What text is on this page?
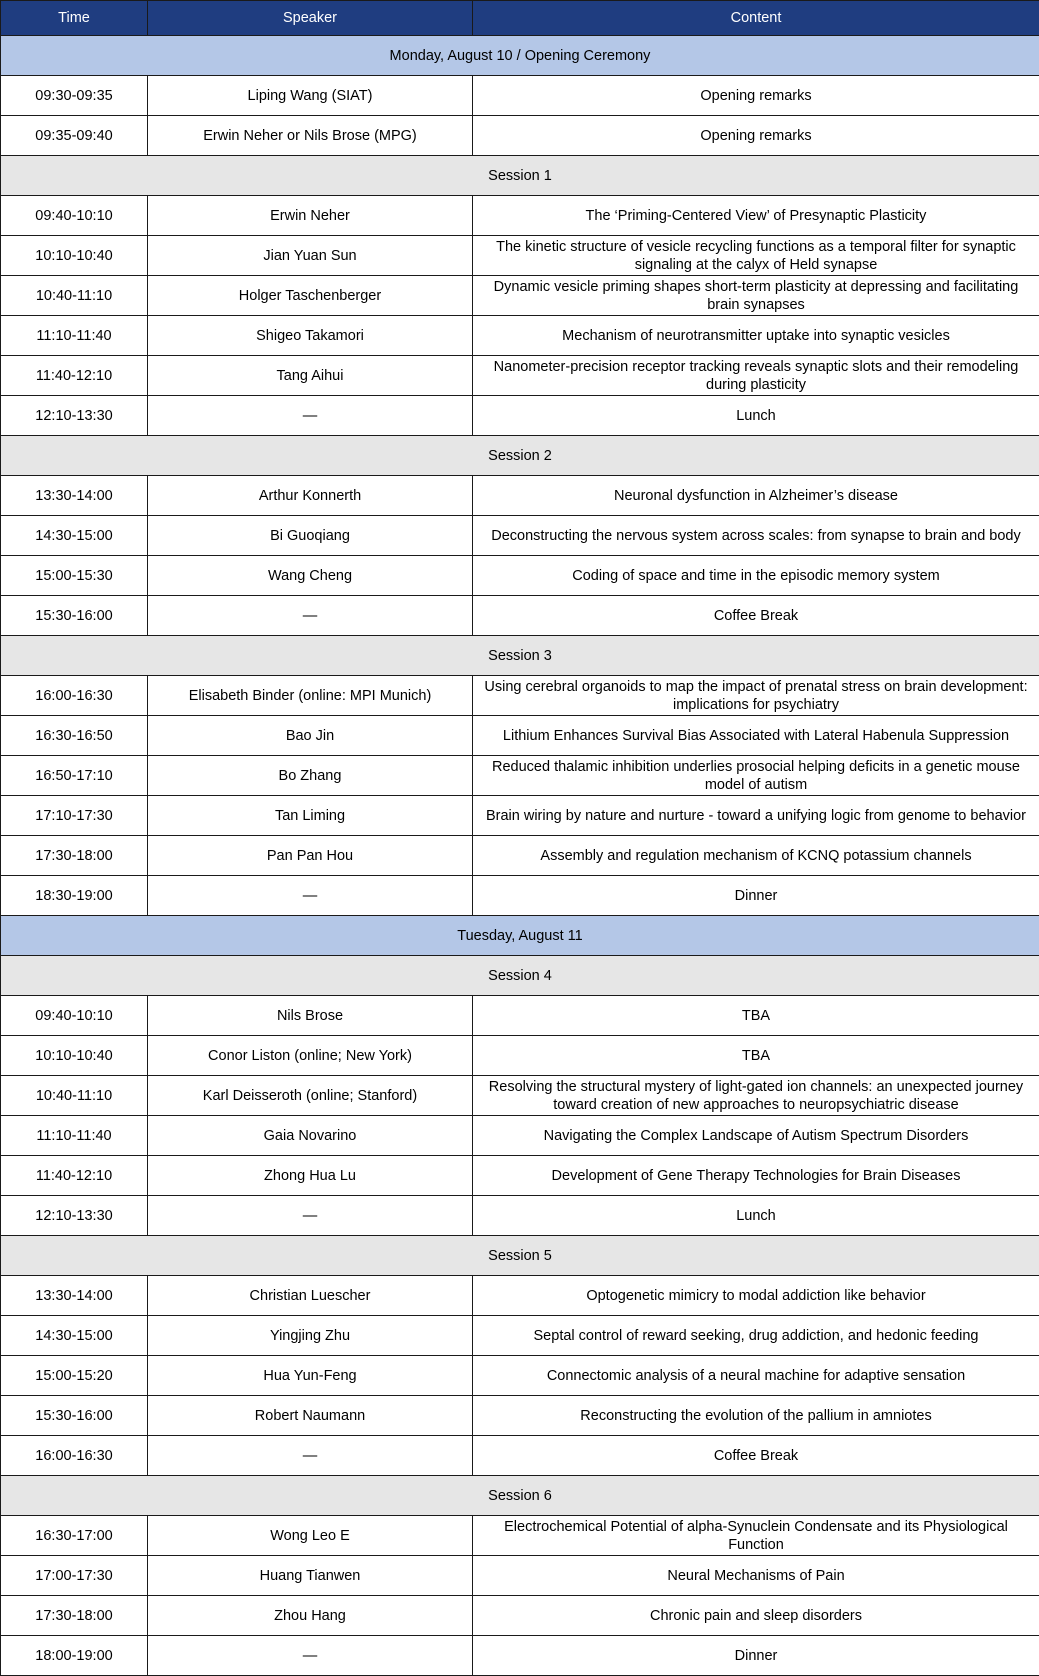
Time	Speaker	Content
Monday, August 10 / Opening Ceremony		
09:30-09:35	Liping Wang (SIAT)	Opening remarks
09:35-09:40	Erwin Neher or Nils Brose (MPG)	Opening remarks
Session 1		
09:40-10:10	Erwin Neher	The ‘Priming-Centered View’ of Presynaptic Plasticity
10:10-10:40	Jian Yuan Sun	The kinetic structure of vesicle recycling functions as a temporal filter for synaptic signaling at the calyx of Held synapse
10:40-11:10	Holger Taschenberger	Dynamic vesicle priming shapes short-term plasticity at depressing and facilitating brain synapses
11:10-11:40	Shigeo Takamori	Mechanism of neurotransmitter uptake into synaptic vesicles
11:40-12:10	Tang Aihui	Nanometer-precision receptor tracking reveals synaptic slots and their remodeling during plasticity
12:10-13:30	—	Lunch
Session 2		
13:30-14:00	Arthur Konnerth	Neuronal dysfunction in Alzheimer’s disease
14:30-15:00	Bi Guoqiang	Deconstructing the nervous system across scales: from synapse to brain and body
15:00-15:30	Wang Cheng	Coding of space and time in the episodic memory system
15:30-16:00	—	Coffee Break
Session 3		
16:00-16:30	Elisabeth Binder (online: MPI Munich)	Using cerebral organoids to map the impact of prenatal stress on brain development: implications for psychiatry
16:30-16:50	Bao Jin	Lithium Enhances Survival Bias Associated with Lateral Habenula Suppression
16:50-17:10	Bo Zhang	Reduced thalamic inhibition underlies prosocial helping deficits in a genetic mouse model of autism
17:10-17:30	Tan Liming	Brain wiring by nature and nurture - toward a unifying logic from genome to behavior
17:30-18:00	Pan Pan Hou	Assembly and regulation mechanism of KCNQ potassium channels
18:30-19:00	—	Dinner
Tuesday, August 11		
Session 4		
09:40-10:10	Nils Brose	TBA
10:10-10:40	Conor Liston (online; New York)	TBA
10:40-11:10	Karl Deisseroth (online; Stanford)	Resolving the structural mystery of light-gated ion channels: an unexpected journey toward creation of new approaches to neuropsychiatric disease
11:10-11:40	Gaia Novarino	Navigating the Complex Landscape of Autism Spectrum Disorders
11:40-12:10	Zhong Hua Lu	Development of Gene Therapy Technologies for Brain Diseases
12:10-13:30	—	Lunch
Session 5		
13:30-14:00	Christian Luescher	Optogenetic mimicry to modal addiction like behavior
14:30-15:00	Yingjing Zhu	Septal control of reward seeking, drug addiction, and hedonic feeding
15:00-15:20	Hua Yun-Feng	Connectomic analysis of a neural machine for adaptive sensation
15:30-16:00	Robert Naumann	Reconstructing the evolution of the pallium in amniotes
16:00-16:30	—	Coffee Break
Session 6		
16:30-17:00	Wong Leo E	Electrochemical Potential of alpha-Synuclein Condensate and its Physiological Function
17:00-17:30	Huang Tianwen	Neural Mechanisms of Pain
17:30-18:00	Zhou Hang	Chronic pain and sleep disorders
18:00-19:00	—	Dinner
